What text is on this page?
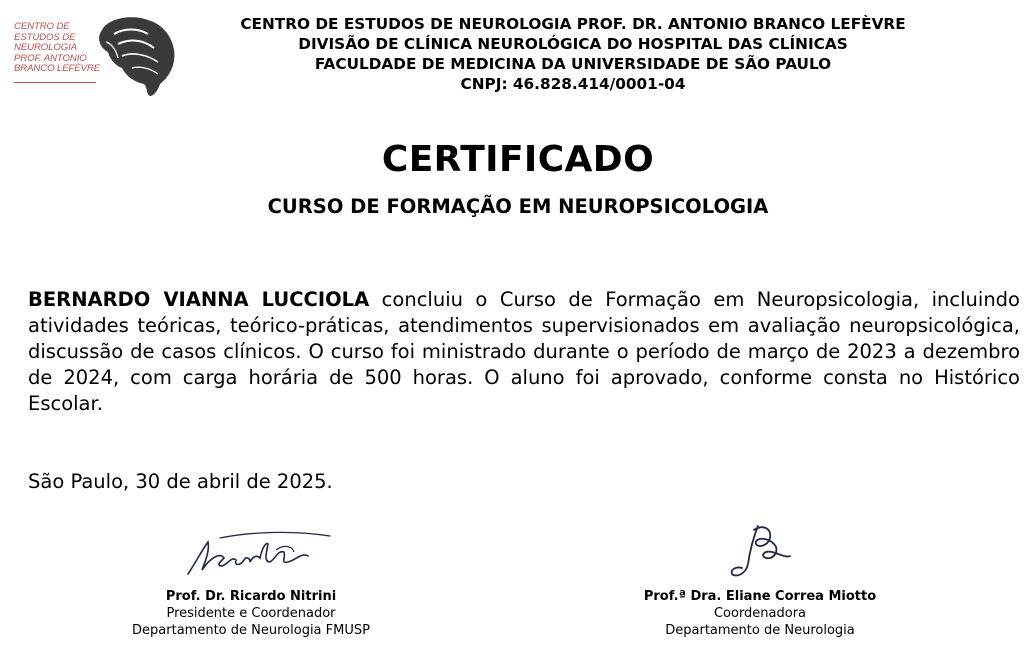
CENTRO DE
ESTUDOS DE
NEUROLOGIA
PROF. ANTONIO
BRANCO LEFÈVRE
CENTRO DE ESTUDOS DE NEUROLOGIA PROF. DR. ANTONIO BRANCO LEFÈVRE
DIVISÃO DE CLÍNICA NEUROLÓGICA DO HOSPITAL DAS CLÍNICAS
FACULDADE DE MEDICINA DA UNIVERSIDADE DE SÃO PAULO
CNPJ: 46.828.414/0001-04
CERTIFICADO
CURSO DE FORMAÇÃO EM NEUROPSICOLOGIA
BERNARDO VIANNA LUCCIOLA concluiu o Curso de Formação em Neuropsicologia, incluindo atividades teóricas, teórico-práticas, atendimentos supervisionados em avaliação neuropsicológica, discussão de casos clínicos. O curso foi ministrado durante o período de março de 2023 a dezembro de 2024, com carga horária de 500 horas. O aluno foi aprovado, conforme consta no Histórico Escolar.
São Paulo, 30 de abril de 2025.
Prof. Dr. Ricardo Nitrini
Presidente e Coordenador
Departamento de Neurologia FMUSP
Prof.ª Dra. Eliane Correa Miotto
Coordenadora
Departamento de Neurologia
